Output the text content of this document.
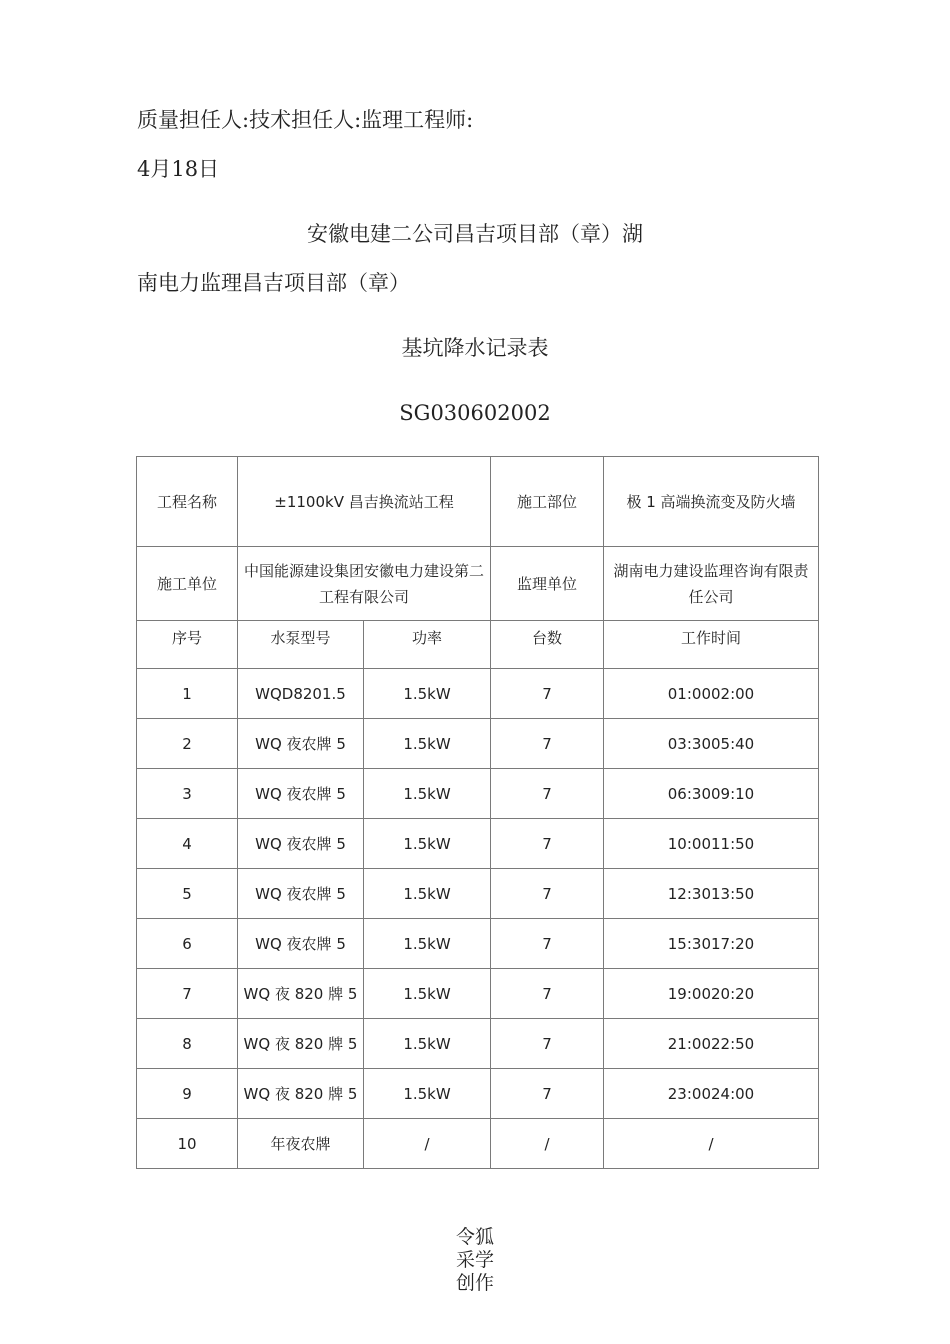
质量担任人:技术担任人:监理工程师:
4月18日
安徽电建二公司昌吉项目部（章）湖
南电力监理昌吉项目部（章）
基坑降水记录表
SG030602002
工程名称	±1100kV 昌吉换流站工程		施工部位	极 1 高端换流变及防火墙
施工单位	中国能源建设集团安徽电力建设第二工程有限公司		监理单位	湖南电力建设监理咨询有限责任公司
序号	水泵型号	功率	台数	工作时间
1	WQD8201.5	1.5kW	7	01:0002:00
2	WQ 夜农牌 5	1.5kW	7	03:3005:40
3	WQ 夜农牌 5	1.5kW	7	06:3009:10
4	WQ 夜农牌 5	1.5kW	7	10:0011:50
5	WQ 夜农牌 5	1.5kW	7	12:3013:50
6	WQ 夜农牌 5	1.5kW	7	15:3017:20
7	WQ 夜 820 牌 5	1.5kW	7	19:0020:20
8	WQ 夜 820 牌 5	1.5kW	7	21:0022:50
9	WQ 夜 820 牌 5	1.5kW	7	23:0024:00
10	年夜农牌	/	/	/
令狐
采学
创作
